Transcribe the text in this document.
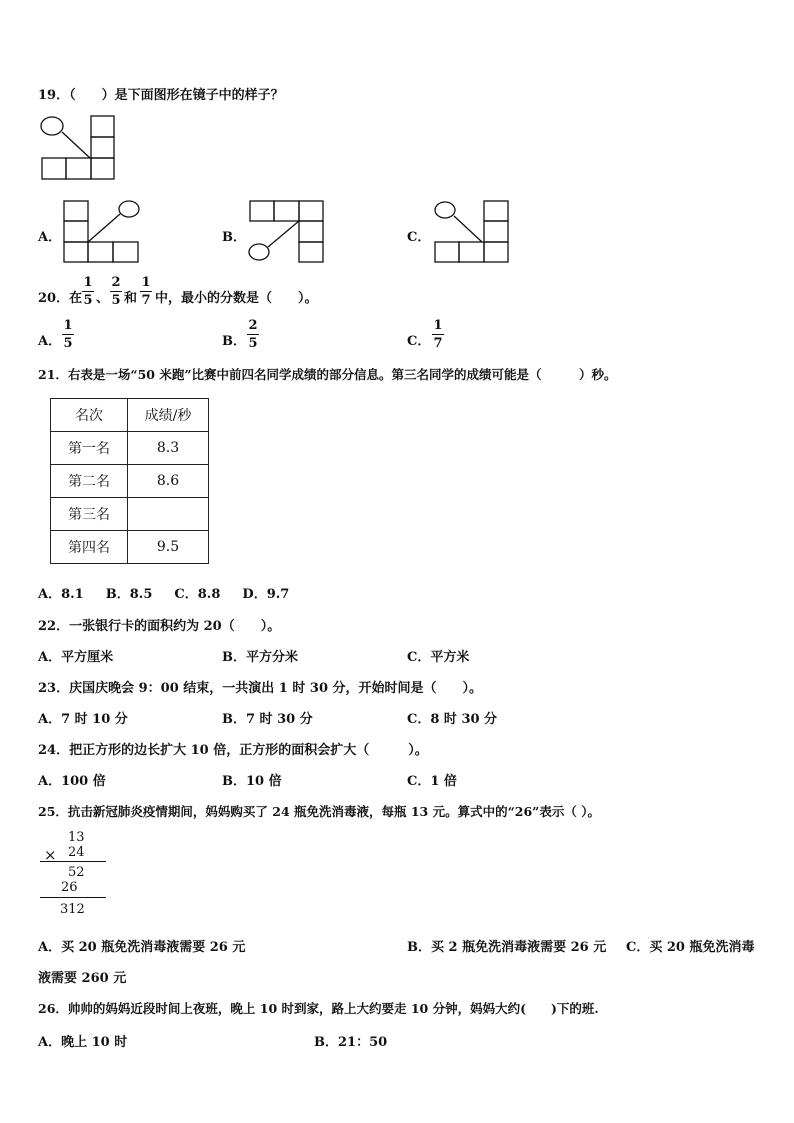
19．（　　）是下面图形在镜子中的样子？
A．	B．	C．
20．在
1
5 、
2
5 和
1
7 中，最小的分数是（　　）。
A．
1
5	B．
2
5	C．
1
7
21．右表是一场“50 米跑”比赛中前四名同学成绩的部分信息。第三名同学的成绩可能是（　　　）秒。
名次	成绩/秒
第一名	8.3
第二名	8.6
第三名	
第四名	9.5
A．8.1　  B．8.5　  C．8.8　  D．9.7
22．一张银行卡的面积约为 20（　　）。
A．平方厘米	B．平方分米	C．平方米
23．庆国庆晚会 9：00 结束，一共演出 1 时 30 分，开始时间是（　　）。
A．7 时 10 分	B．7 时 30 分	C．8 时 30 分
24．把正方形的边长扩大 10 倍，正方形的面积会扩大（　　　）。
A．100 倍	B．10 倍	C．1 倍
25．抗击新冠肺炎疫情期间，妈妈购买了 24 瓶免洗消毒液，每瓶 13 元。算式中的“26”表示（ ）。
13
× 24
52
26
312
A．买 20 瓶免洗消毒液需要 26 元	B．买 2 瓶免洗消毒液需要 26 元 C．买 20 瓶免洗消毒
液需要 260 元
26．帅帅的妈妈近段时间上夜班，晚上 10 时到家，路上大约要走 10 分钟，妈妈大约(　　)下的班.
A．晚上 10 时	B．21：50
